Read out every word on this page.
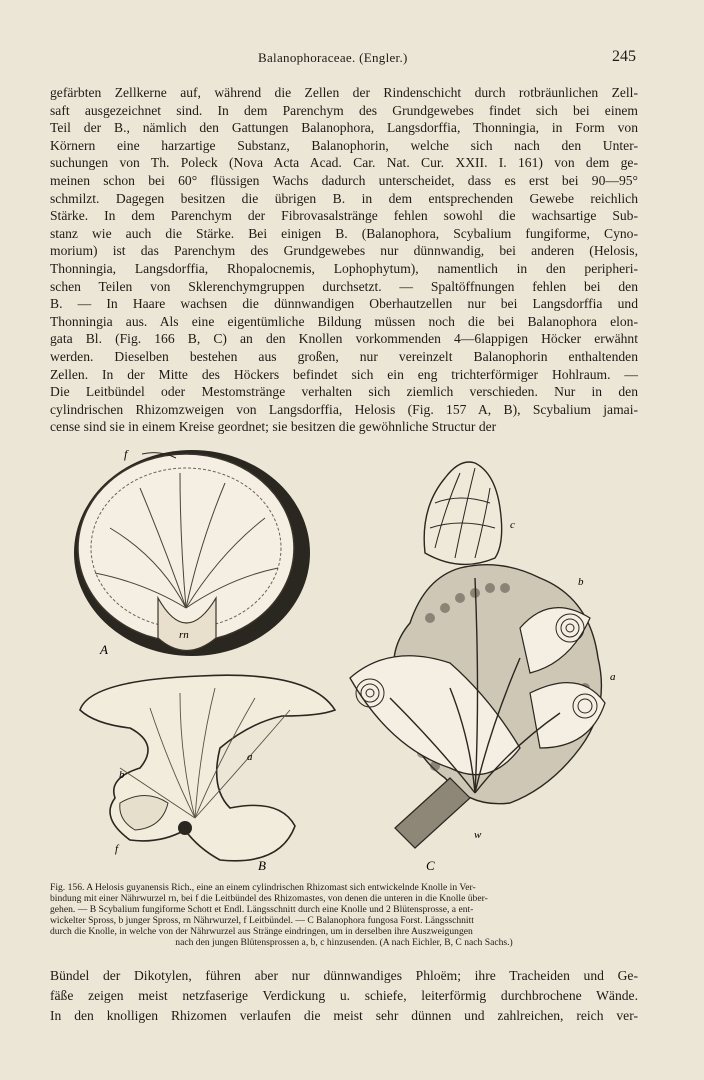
Balanophoraceae. (Engler.)	245

gefärbten Zellkerne auf, während die Zellen der Rindenschicht durch rotbräunlichen Zell-

saft ausgezeichnet sind. In dem Parenchym des Grundgewebes findet sich bei einem

Teil der B., nämlich den Gattungen Balanophora, Langsdorffia, Thonningia, in Form von

Körnern eine harzartige Substanz, Balanophorin, welche sich nach den Unter-

suchungen von Th. Poleck (Nova Acta Acad. Car. Nat. Cur. XXII. I. 161) von dem ge-

meinen schon bei 60° flüssigen Wachs dadurch unterscheidet, dass es erst bei 90—95°

schmilzt. Dagegen besitzen die übrigen B. in dem entsprechenden Gewebe reichlich

Stärke. In dem Parenchym der Fibrovasalstränge fehlen sowohl die wachsartige Sub-

stanz wie auch die Stärke. Bei einigen B. (Balanophora, Scybalium fungiforme, Cyno-

morium) ist das Parenchym des Grundgewebes nur dünnwandig, bei anderen (Helosis,

Thonningia, Langsdorffia, Rhopalocnemis, Lophophytum), namentlich in den peripheri-

schen Teilen von Sklerenchymgruppen durchsetzt. — Spaltöffnungen fehlen bei den

B. — In Haare wachsen die dünnwandigen Oberhautzellen nur bei Langsdorffia und

Thonningia aus. Als eine eigentümliche Bildung müssen noch die bei Balanophora elon-

gata Bl. (Fig. 166 B, C) an den Knollen vorkommenden 4—6lappigen Höcker erwähnt

werden. Dieselben bestehen aus großen, nur vereinzelt Balanophorin enthaltenden

Zellen. In der Mitte des Höckers befindet sich ein eng trichterförmiger Hohlraum. —

Die Leitbündel oder Mestomstränge verhalten sich ziemlich verschieden. Nur in den

cylindrischen Rhizomzweigen von Langsdorffia, Helosis (Fig. 157 A, B), Scybalium jamai-

cense sind sie in einem Kreise geordnet; sie besitzen die gewöhnliche Structur der

f
rn
A
a
b
f
B
c
b
a
w
C

Fig. 156. A Helosis guyanensis Rich., eine an einem cylindrischen Rhizomast sich entwickelnde Knolle in Ver-

bindung mit einer Nährwurzel rn, bei f die Leitbündel des Rhizomastes, von denen die unteren in die Knolle über-

gehen. — B Scybalium fungiforme Schott et Endl. Längsschnitt durch eine Knolle und 2 Blütensprosse, a ent-

wickelter Spross, b junger Spross, rn Nährwurzel, f Leitbündel. — C Balanophora fungosa Forst. Längsschnitt

durch die Knolle, in welche von der Nährwurzel aus Stränge eindringen, um in derselben ihre Auszweigungen

nach den jungen Blütensprossen a, b, c hinzusenden. (A nach Eichler, B, C nach Sachs.)

Bündel der Dikotylen, führen aber nur dünnwandiges Phloëm; ihre Tracheiden und Ge-

fäße zeigen meist netzfaserige Verdickung u. schiefe, leiterförmig durchbrochene Wände.

In den knolligen Rhizomen verlaufen die meist sehr dünnen und zahlreichen, reich ver-
